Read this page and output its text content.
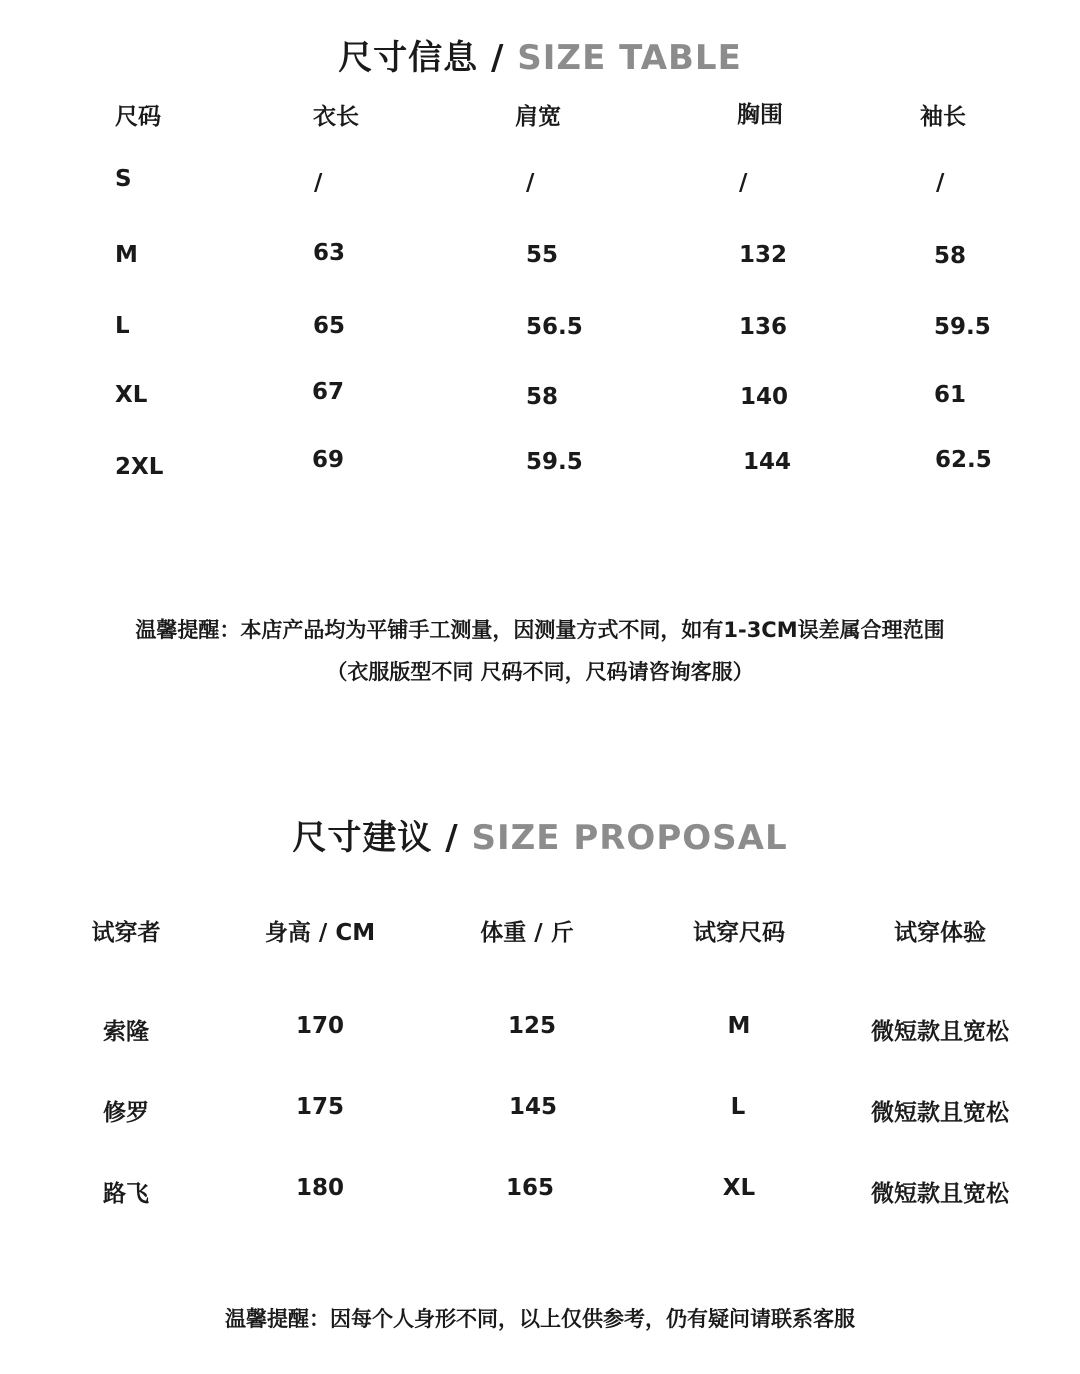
尺寸信息 / SIZE TABLE
尺码	衣长	肩宽	胸围	袖长
S	/	/	/	/
M	63	55	132	58
L	65	56.5	136	59.5
XL	67	58	140	61
2XL	69	59.5	144	62.5
温馨提醒：本店产品均为平铺手工测量，因测量方式不同，如有1-3CM误差属合理范围
（衣服版型不同 尺码不同，尺码请咨询客服）
尺寸建议 / SIZE PROPOSAL
试穿者	身高 / CM	体重 / 斤	试穿尺码	试穿体验
索隆	170	125	M	微短款且宽松
修罗	175	145	L	微短款且宽松
路飞	180	165	XL	微短款且宽松
温馨提醒：因每个人身形不同，以上仅供参考，仍有疑问请联系客服
